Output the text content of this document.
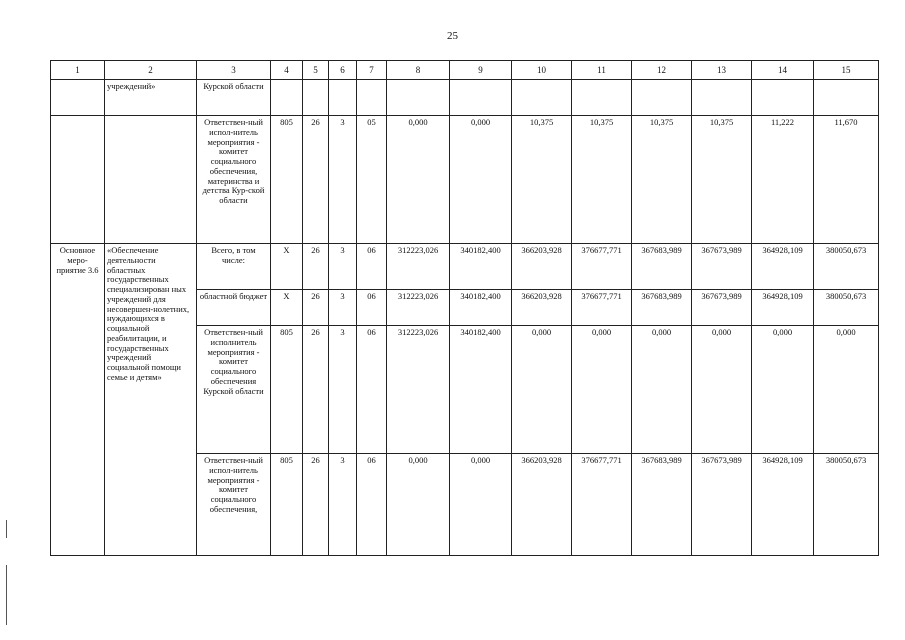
25
1	2	3	4	5	6	7	8	9	10	11	12	13	14	15
	учреждений»	Курской области												
		Ответствен-ный испол-нитель мероприятия - комитет социального обеспечения, материнства и детства Кур-ской области	805	26	3	05	0,000	0,000	10,375	10,375	10,375	10,375	11,222	11,670
Основное меро-приятие 3.6	«Обеспечение деятельности областных государственных специализирован ных учреждений для несовершен-нолетних, нуждающихся в социальной реабилитации, и государственных учреждений социальной помощи семье и детям»	Всего, в том числе:	Х	26	3	06	312223,026	340182,400	366203,928	376677,771	367683,989	367673,989	364928,109	380050,673
		областной бюджет	Х	26	3	06	312223,026	340182,400	366203,928	376677,771	367683,989	367673,989	364928,109	380050,673
		Ответствен-ный исполнитель мероприятия - комитет социального обеспечения Курской области	805	26	3	06	312223,026	340182,400	0,000	0,000	0,000	0,000	0,000	0,000
		Ответствен-ный испол-нитель мероприятия - комитет социального обеспечения,	805	26	3	06	0,000	0,000	366203,928	376677,771	367683,989	367673,989	364928,109	380050,673
